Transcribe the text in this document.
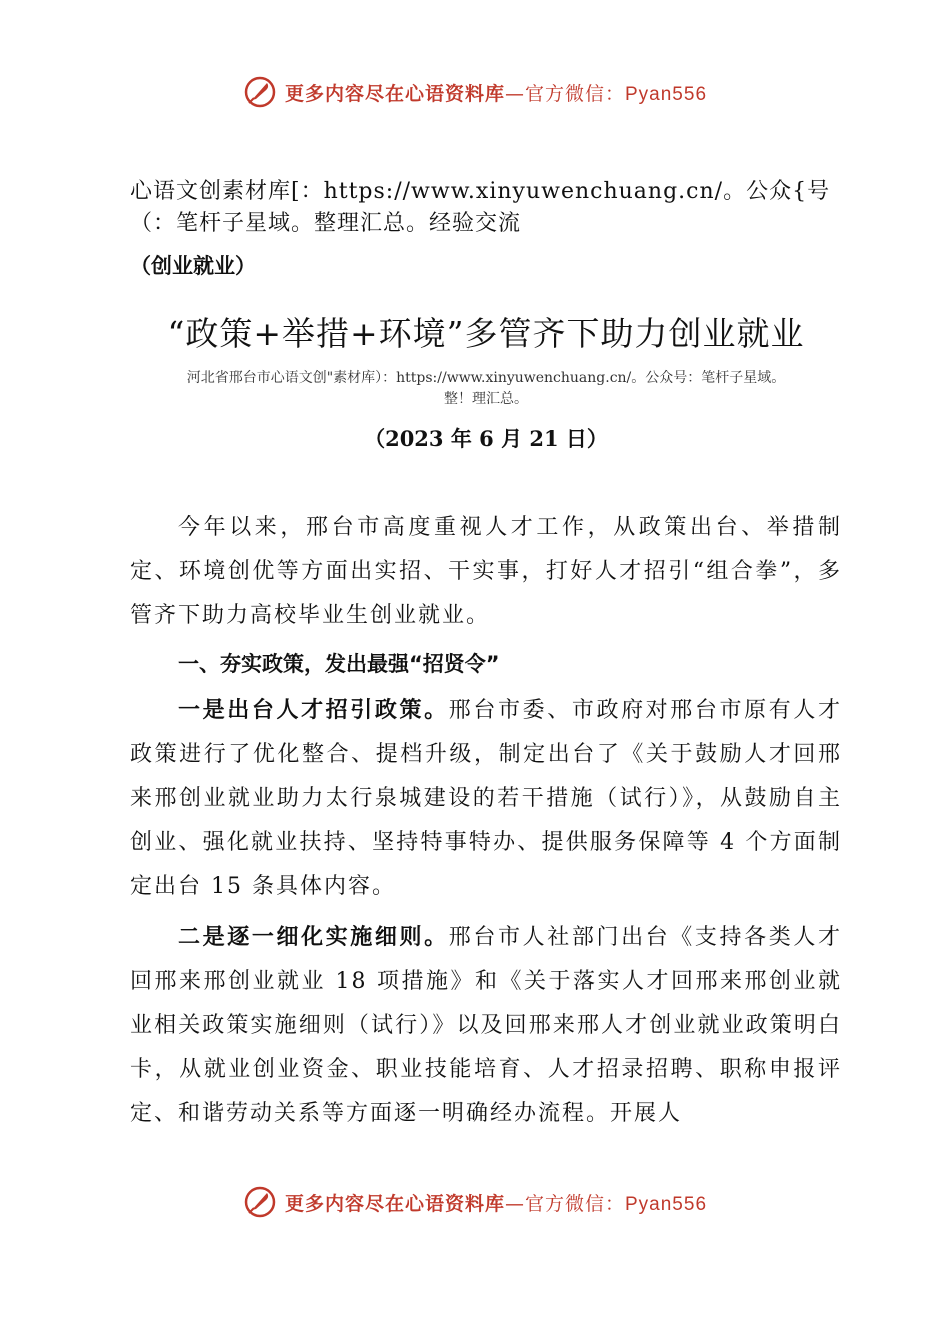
更多内容尽在心语资料库—官方微信：Pyan556
心语文创素材库[：https://www.xinyuwenchuang.cn/。公众{号
（：笔杆子星域。整理汇总。经验交流
（创业就业）
“政策+举措+环境”多管齐下助力创业就业
河北省邢台市心语文创"素材库）：https://www.xinyuwenchuang.cn/。公众号：笔杆子星域。
整！理汇总。
（2023 年 6 月 21 日）

今年以来，邢台市高度重视人才工作，从政策出台、举措制定、环境创优等方面出实招、干实事，打好人才招引“组合拳”，多管齐下助力高校毕业生创业就业。

一、夯实政策，发出最强“招贤令”

一是出台人才招引政策。邢台市委、市政府对邢台市原有人才政策进行了优化整合、提档升级，制定出台了《关于鼓励人才回邢来邢创业就业助力太行泉城建设的若干措施（试行）》，从鼓励自主创业、强化就业扶持、坚持特事特办、提供服务保障等 4 个方面制定出台 15 条具体内容。

二是逐一细化实施细则。邢台市人社部门出台《支持各类人才回邢来邢创业就业 18 项措施》和《关于落实人才回邢来邢创业就业相关政策实施细则（试行）》以及回邢来邢人才创业就业政策明白卡，从就业创业资金、职业技能培育、人才招录招聘、职称申报评定、和谐劳动关系等方面逐一明确经办流程。开展人

更多内容尽在心语资料库—官方微信：Pyan556
